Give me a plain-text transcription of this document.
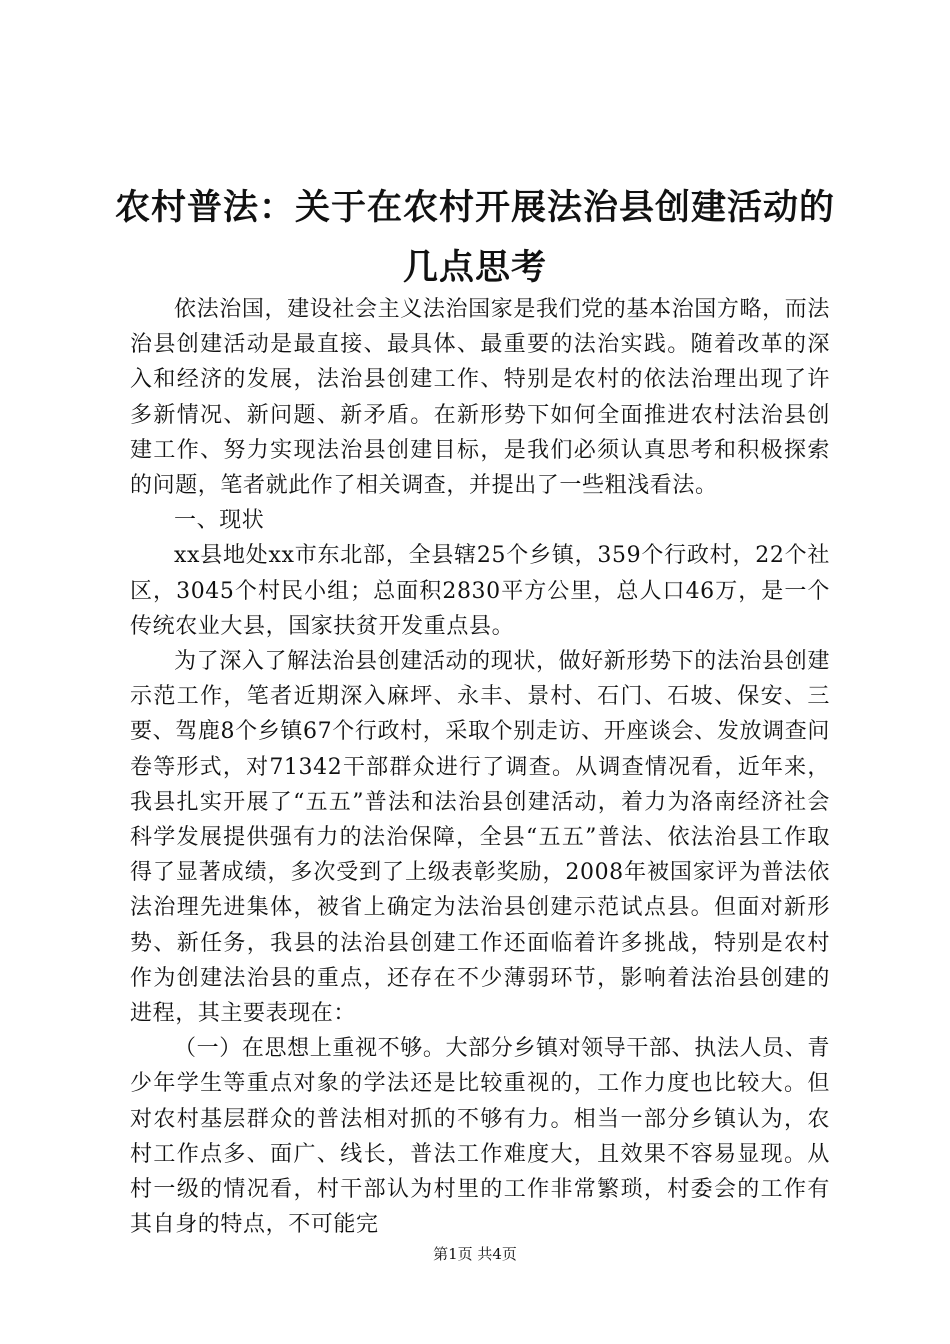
农村普法：关于在农村开展法治县创建活动的
几点思考

依法治国，建设社会主义法治国家是我们党的基本治国方略，而法治县创建活动是最直接、最具体、最重要的法治实践。随着改革的深入和经济的发展，法治县创建工作、特别是农村的依法治理出现了许多新情况、新问题、新矛盾。在新形势下如何全面推进农村法治县创建工作、努力实现法治县创建目标，是我们必须认真思考和积极探索的问题，笔者就此作了相关调查，并提出了一些粗浅看法。

一、现状

xx县地处xx市东北部，全县辖25个乡镇，359个行政村，22个社区，3045个村民小组；总面积2830平方公里，总人口46万，是一个传统农业大县，国家扶贫开发重点县。

为了深入了解法治县创建活动的现状，做好新形势下的法治县创建示范工作，笔者近期深入麻坪、永丰、景村、石门、石坡、保安、三要、驾鹿8个乡镇67个行政村，采取个别走访、开座谈会、发放调查问卷等形式，对71342干部群众进行了调查。从调查情况看，近年来，我县扎实开展了“五五”普法和法治县创建活动，着力为洛南经济社会科学发展提供强有力的法治保障，全县“五五”普法、依法治县工作取得了显著成绩，多次受到了上级表彰奖励，2008年被国家评为普法依法治理先进集体，被省上确定为法治县创建示范试点县。但面对新形势、新任务，我县的法治县创建工作还面临着许多挑战，特别是农村作为创建法治县的重点，还存在不少薄弱环节，影响着法治县创建的进程，其主要表现在：

（一）在思想上重视不够。大部分乡镇对领导干部、执法人员、青少年学生等重点对象的学法还是比较重视的，工作力度也比较大。但对农村基层群众的普法相对抓的不够有力。相当一部分乡镇认为，农村工作点多、面广、线长，普法工作难度大，且效果不容易显现。从村一级的情况看，村干部认为村里的工作非常繁琐，村委会的工作有其自身的特点，不可能完

第1页 共4页
